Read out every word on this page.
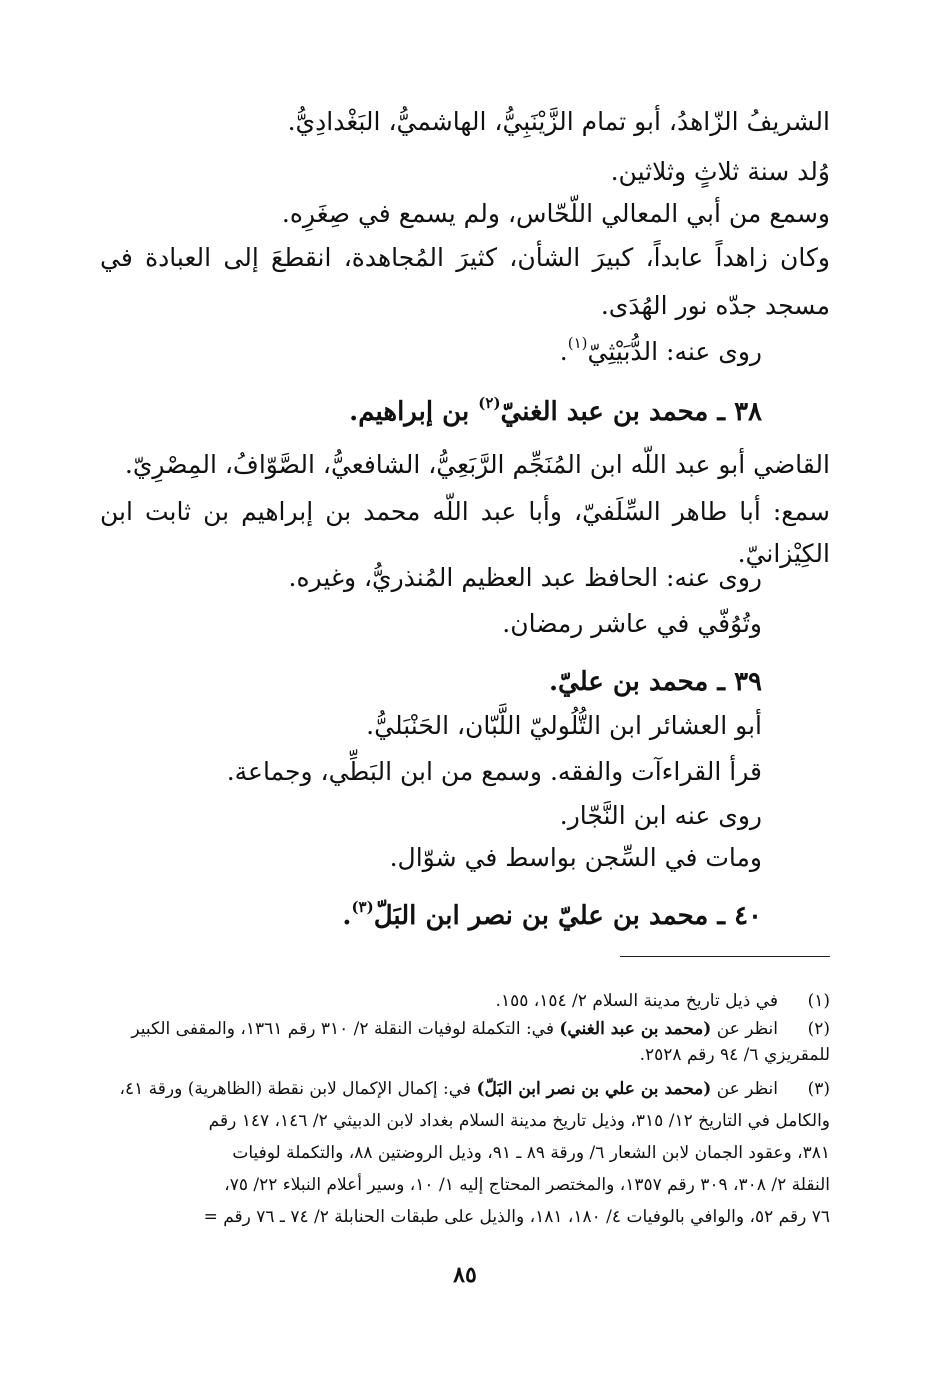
الشريفُ الزّاهدُ، أبو تمام الزَّيْنَبِيُّ، الهاشميُّ، البَغْدادِيُّ.
وُلد سنة ثلاثٍ وثلاثين.
وسمع من أبي المعالي اللّحّاس، ولم يسمع في صِغَرِه.
وكان زاهداً عابداً، كبيرَ الشأن، كثيرَ المُجاهدة، انقطعَ إلى العبادة في
مسجد جدّه نور الهُدَى.
روى عنه: الدُّبَيْثِيّ$^{(١)}$.
٣٨ ـ محمد بن عبد الغنيّ$^{(٢)}$ بن إبراهيم.
القاضي أبو عبد اللّه ابن المُنَجِّم الرَّبَعِيُّ، الشافعيُّ، الصَّوّافُ، المِصْرِيّ.
سمع: أبا طاهر السِّلَفيّ، وأبا عبد اللّه محمد بن إبراهيم بن ثابت ابن
الكِيْزانيّ.
روى عنه: الحافظ عبد العظيم المُنذريُّ، وغيره.
وتُوُفّي في عاشر رمضان.
٣٩ ـ محمد بن عليّ.
أبو العشائر ابن التُّلُوليّ اللَّبّان، الحَنْبَليُّ.
قرأ القراءآت والفقه. وسمع من ابن البَطِّي، وجماعة.
روى عنه ابن النَّجّار.
ومات في السِّجن بواسط في شوّال.
٤٠ ـ محمد بن عليّ بن نصر ابن البَلّ$^{(٣)}$.
(١)
في ذيل تاريخ مدينة السلام ٢/ ١٥٤، ١٥٥.
(٢)
انظر عن (محمد بن عبد الغني) في: التكملة لوفيات النقلة ٢/ ٣١٠ رقم ١٣٦١، والمقفى الكبير
للمقريزي ٦/ ٩٤ رقم ٢٥٢٨.
(٣)
انظر عن (محمد بن علي بن نصر ابن البَلّ) في: إكمال الإكمال لابن نقطة (الظاهرية) ورقة ٤١،
والكامل في التاريخ ١٢/ ٣١٥، وذيل تاريخ مدينة السلام بغداد لابن الدبيثي ٢/ ١٤٦، ١٤٧ رقم
٣٨١، وعقود الجمان لابن الشعار ٦/ ورقة ٨٩ ـ ٩١، وذيل الروضتين ٨٨، والتكملة لوفيات
النقلة ٢/ ٣٠٨، ٣٠٩ رقم ١٣٥٧، والمختصر المحتاج إليه ١/ ١٠، وسير أعلام النبلاء ٢٢/ ٧٥،
٧٦ رقم ٥٢، والوافي بالوفيات ٤/ ١٨٠، ١٨١، والذيل على طبقات الحنابلة ٢/ ٧٤ ـ ٧٦ رقم =
٨٥
